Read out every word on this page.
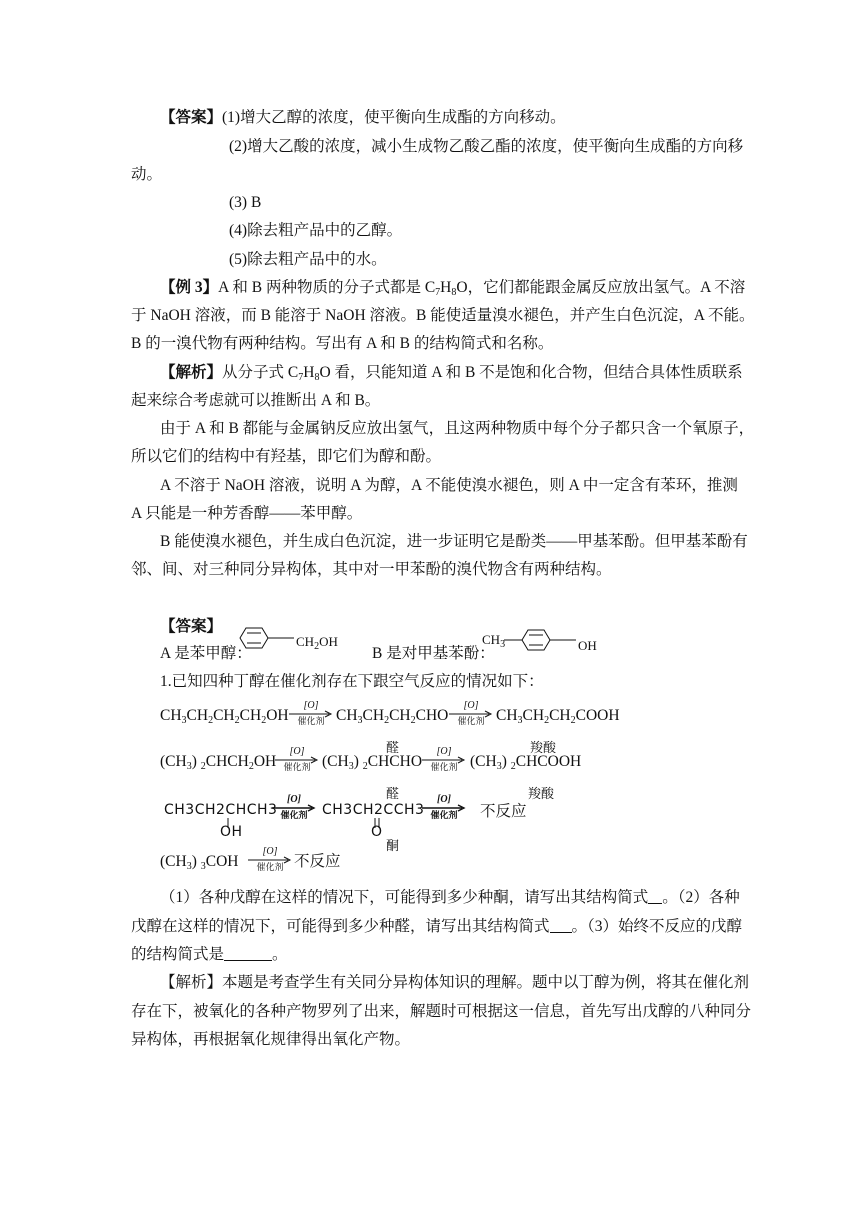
【答案】(1)增大乙醇的浓度，使平衡向生成酯的方向移动。
(2)增大乙酸的浓度，减小生成物乙酸乙酯的浓度，使平衡向生成酯的方向移
动。
(3) B
(4)除去粗产品中的乙醇。
(5)除去粗产品中的水。
【例 3】A 和 B 两种物质的分子式都是 $C_7H_8O$，它们都能跟金属反应放出氢气。A 不溶
于 NaOH 溶液，而 B 能溶于 NaOH 溶液。B 能使适量溴水褪色，并产生白色沉淀，A 不能。
B 的一溴代物有两种结构。写出有 A 和 B 的结构简式和名称。
【解析】从分子式 $C_7H_8O$ 看，只能知道 A 和 B 不是饱和化合物，但结合具体性质联系
起来综合考虑就可以推断出 A 和 B。
由于 A 和 B 都能与金属钠反应放出氢气，且这两种物质中每个分子都只含一个氧原子，
所以它们的结构中有羟基，即它们为醇和酚。
A 不溶于 NaOH 溶液，说明 A 为醇，A 不能使溴水褪色，则 A 中一定含有苯环，推测
A 只能是一种芳香醇——苯甲醇。
B 能使溴水褪色，并生成白色沉淀，进一步证明它是酚类——甲基苯酚。但甲基苯酚有
邻、间、对三种同分异构体，其中对一甲苯酚的溴代物含有两种结构。
【答案】
A 是苯甲醇：
$CH_2OH$
B 是对甲基苯酚：
$CH_3$	OH
1.已知四种丁醇在催化剂存在下跟空气反应的情况如下：
$CH_3CH_2CH_2CH_2OH$
[O]
催化剂 $CH_3CH_2CH_2CHO$
[O]
催化剂 $CH_3CH_2CH_2COOH$
醛	羧酸
$(CH_3)$ $_2CHCH_2OH$
[O]
催化剂 $(CH_3)$ $_2$CHCHO
[O]
催化剂 $(CH_3)$ $_2$CHCOOH
醛	羧酸
CH3CH2CHCH3
OH
[O]
催化剂	CH3CH2CCH3
O
[O]
催化剂	不反应
酮
$(CH_3)$ $_3$COH
[O]
催化剂 不反应
（1）各种戊醇在这样的情况下，可能得到多少种酮，请写出其结构简式 。（2）各种
戊醇在这样的情况下，可能得到多少种醛，请写出其结构简式 。（3）始终不反应的戊醇
的结构简式是	。
【解析】本题是考查学生有关同分异构体知识的理解。题中以丁醇为例，将其在催化剂
存在下，被氧化的各种产物罗列了出来，解题时可根据这一信息，首先写出戊醇的八种同分
异构体，再根据氧化规律得出氧化产物。
